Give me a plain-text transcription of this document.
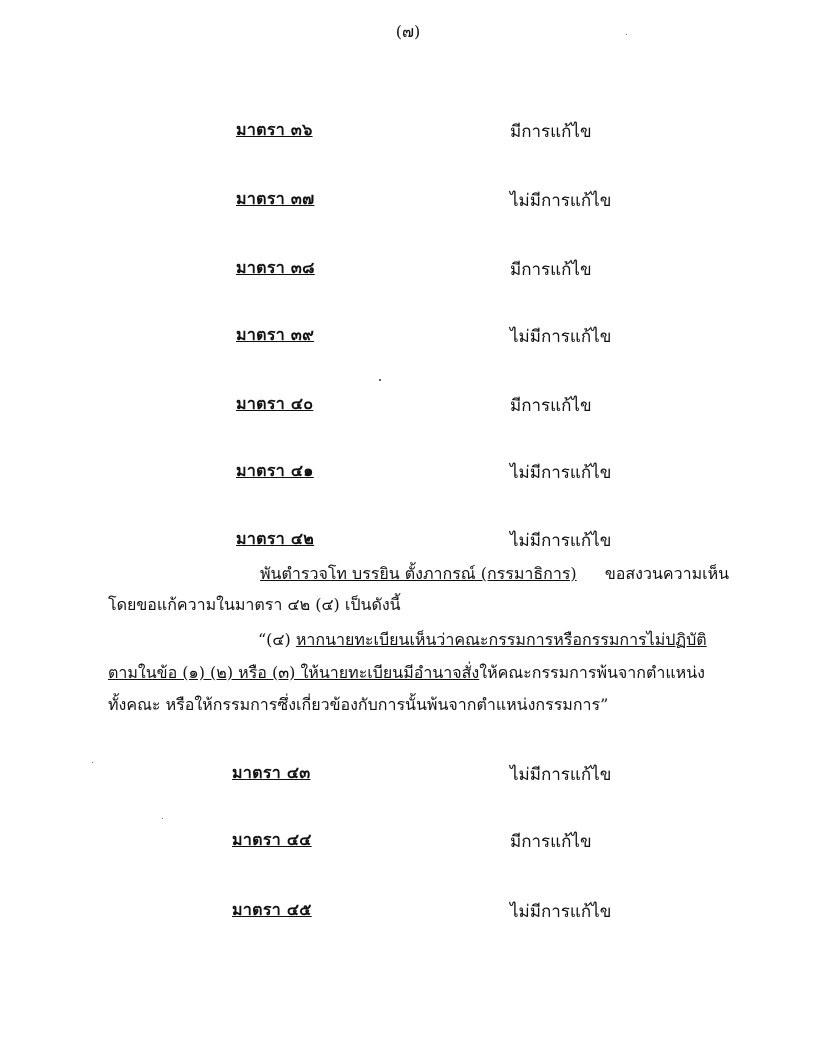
(๗)
มาตรา ๓๖	มีการแก้ไข
มาตรา ๓๗	ไม่มีการแก้ไข
มาตรา ๓๘	มีการแก้ไข
มาตรา ๓๙	ไม่มีการแก้ไข
มาตรา ๔๐	มีการแก้ไข
มาตรา ๔๑	ไม่มีการแก้ไข
มาตรา ๔๒	ไม่มีการแก้ไข
พันตำรวจโท บรรยิน ตั้งภากรณ์ (กรรมาธิการ) ขอสงวนความเห็น
โดยขอแก้ความในมาตรา ๔๒ (๔) เป็นดังนี้
“(๔) หากนายทะเบียนเห็นว่าคณะกรรมการหรือกรรมการไม่ปฏิบัติ
ตามในข้อ (๑) (๒) หรือ (๓) ให้นายทะเบียนมีอำนาจสั่งให้คณะกรรมการพ้นจากตำแหน่ง
ทั้งคณะ หรือให้กรรมการซึ่งเกี่ยวข้องกับการนั้นพ้นจากตำแหน่งกรรมการ”
มาตรา ๔๓	ไม่มีการแก้ไข
มาตรา ๔๔	มีการแก้ไข
มาตรา ๔๕	ไม่มีการแก้ไข
